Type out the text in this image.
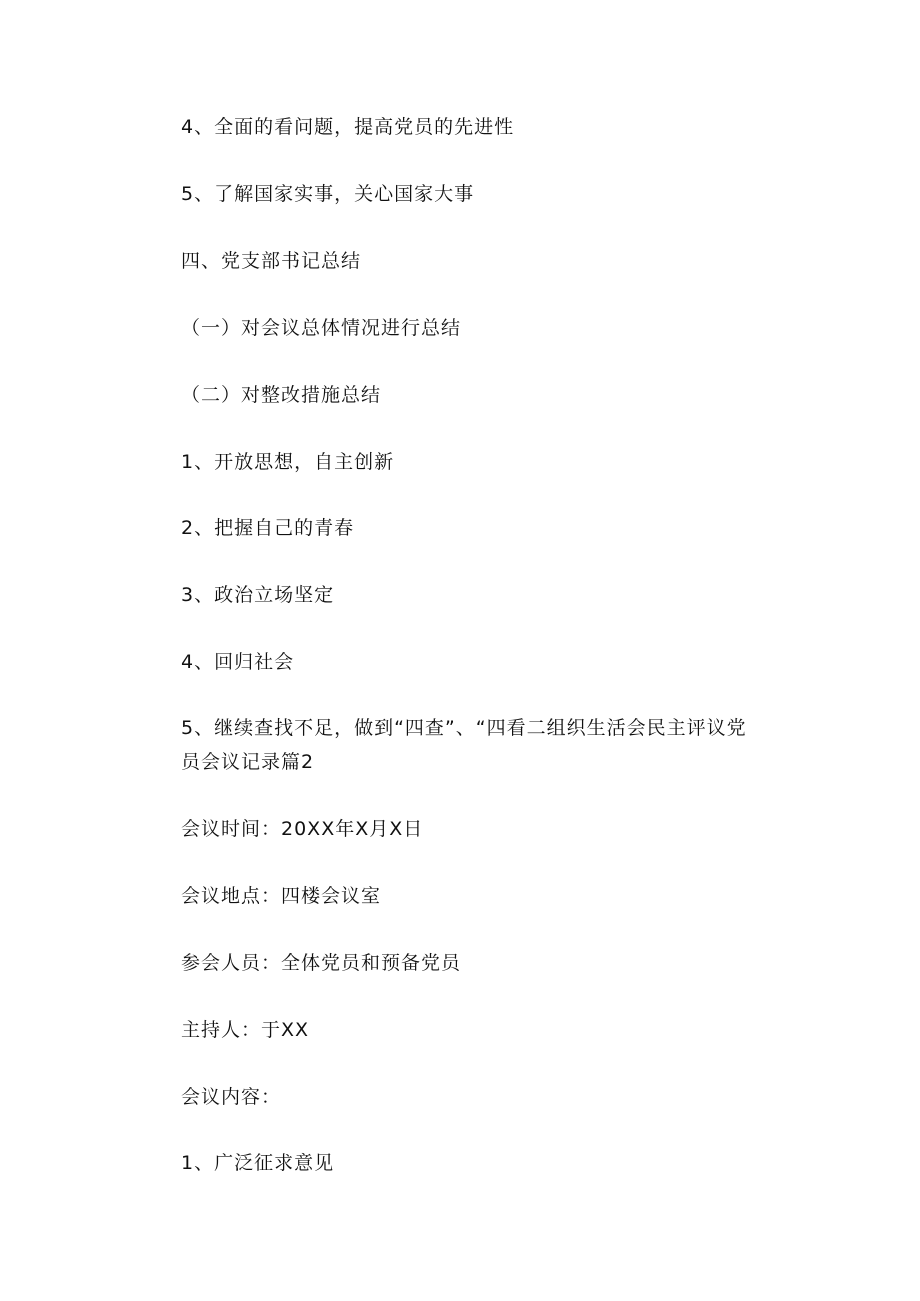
4、全面的看问题，提高党员的先进性
5、了解国家实事，关心国家大事
四、党支部书记总结
（一）对会议总体情况进行总结
（二）对整改措施总结
1、开放思想，自主创新
2、把握自己的青春
3、政治立场坚定
4、回归社会
5、继续查找不足，做到“四查”、“四看二组织生活会民主评议党
员会议记录篇2
会议时间：20XX年X月X日
会议地点：四楼会议室
参会人员：全体党员和预备党员
主持人：于XX
会议内容：
1、广泛征求意见
